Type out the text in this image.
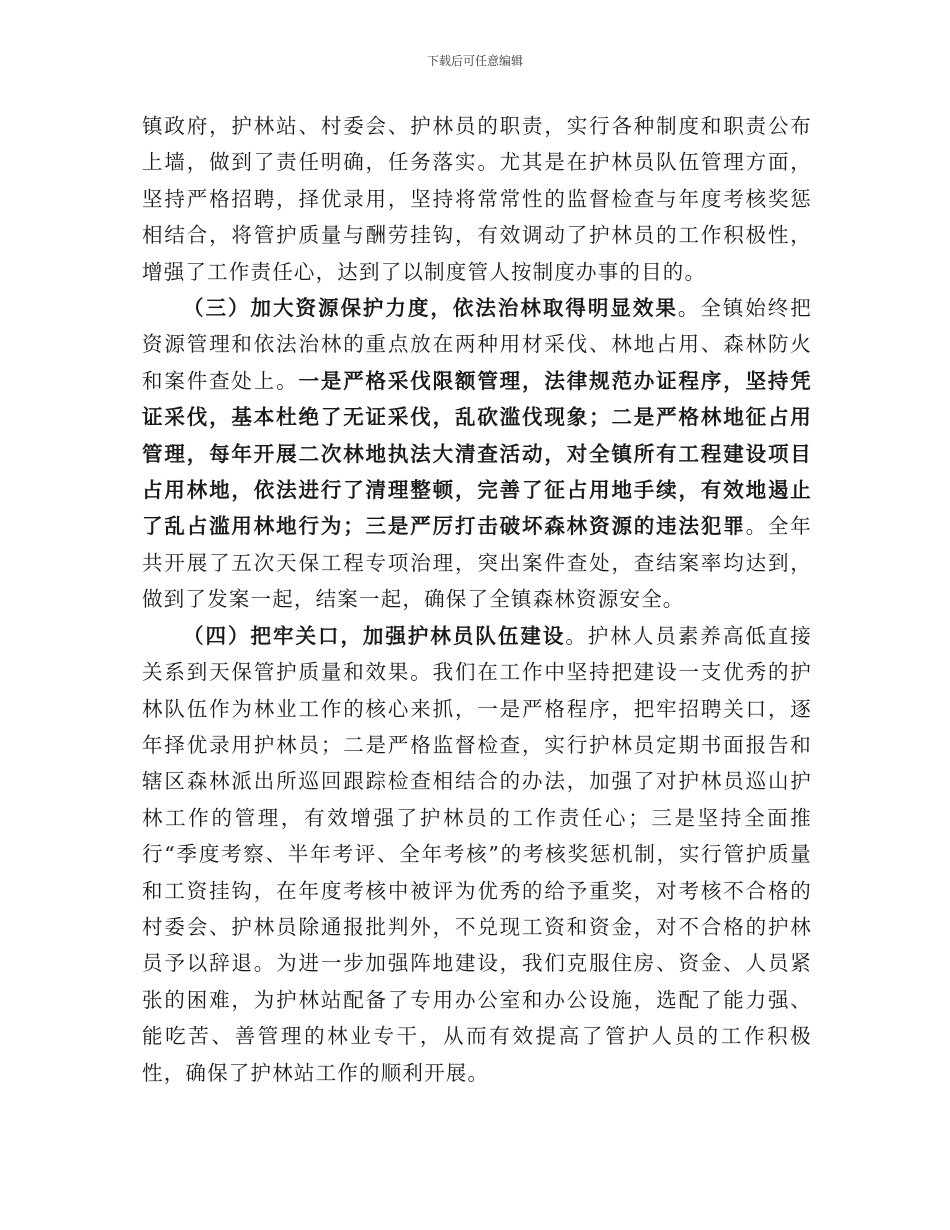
下载后可任意编辑

镇政府，护林站、村委会、护林员的职责，实行各种制度和职责公布上墙，做到了责任明确，任务落实。尤其是在护林员队伍管理方面，坚持严格招聘，择优录用，坚持将常常性的监督检查与年度考核奖惩相结合，将管护质量与酬劳挂钩，有效调动了护林员的工作积极性，增强了工作责任心，达到了以制度管人按制度办事的目的。

（三）加大资源保护力度，依法治林取得明显效果。全镇始终把资源管理和依法治林的重点放在两种用材采伐、林地占用、森林防火和案件查处上。一是严格采伐限额管理，法律规范办证程序，坚持凭证采伐，基本杜绝了无证采伐，乱砍滥伐现象；二是严格林地征占用管理，每年开展二次林地执法大清查活动，对全镇所有工程建设项目占用林地，依法进行了清理整顿，完善了征占用地手续，有效地遏止了乱占滥用林地行为；三是严厉打击破坏森林资源的违法犯罪。全年共开展了五次天保工程专项治理，突出案件查处，查结案率均达到，做到了发案一起，结案一起，确保了全镇森林资源安全。

（四）把牢关口，加强护林员队伍建设。护林人员素养高低直接关系到天保管护质量和效果。我们在工作中坚持把建设一支优秀的护林队伍作为林业工作的核心来抓，一是严格程序，把牢招聘关口，逐年择优录用护林员；二是严格监督检查，实行护林员定期书面报告和辖区森林派出所巡回跟踪检查相结合的办法，加强了对护林员巡山护林工作的管理，有效增强了护林员的工作责任心；三是坚持全面推行“季度考察、半年考评、全年考核”的考核奖惩机制，实行管护质量和工资挂钩，在年度考核中被评为优秀的给予重奖，对考核不合格的村委会、护林员除通报批判外，不兑现工资和资金，对不合格的护林员予以辞退。为进一步加强阵地建设，我们克服住房、资金、人员紧张的困难，为护林站配备了专用办公室和办公设施，选配了能力强、能吃苦、善管理的林业专干，从而有效提高了管护人员的工作积极性，确保了护林站工作的顺利开展。
